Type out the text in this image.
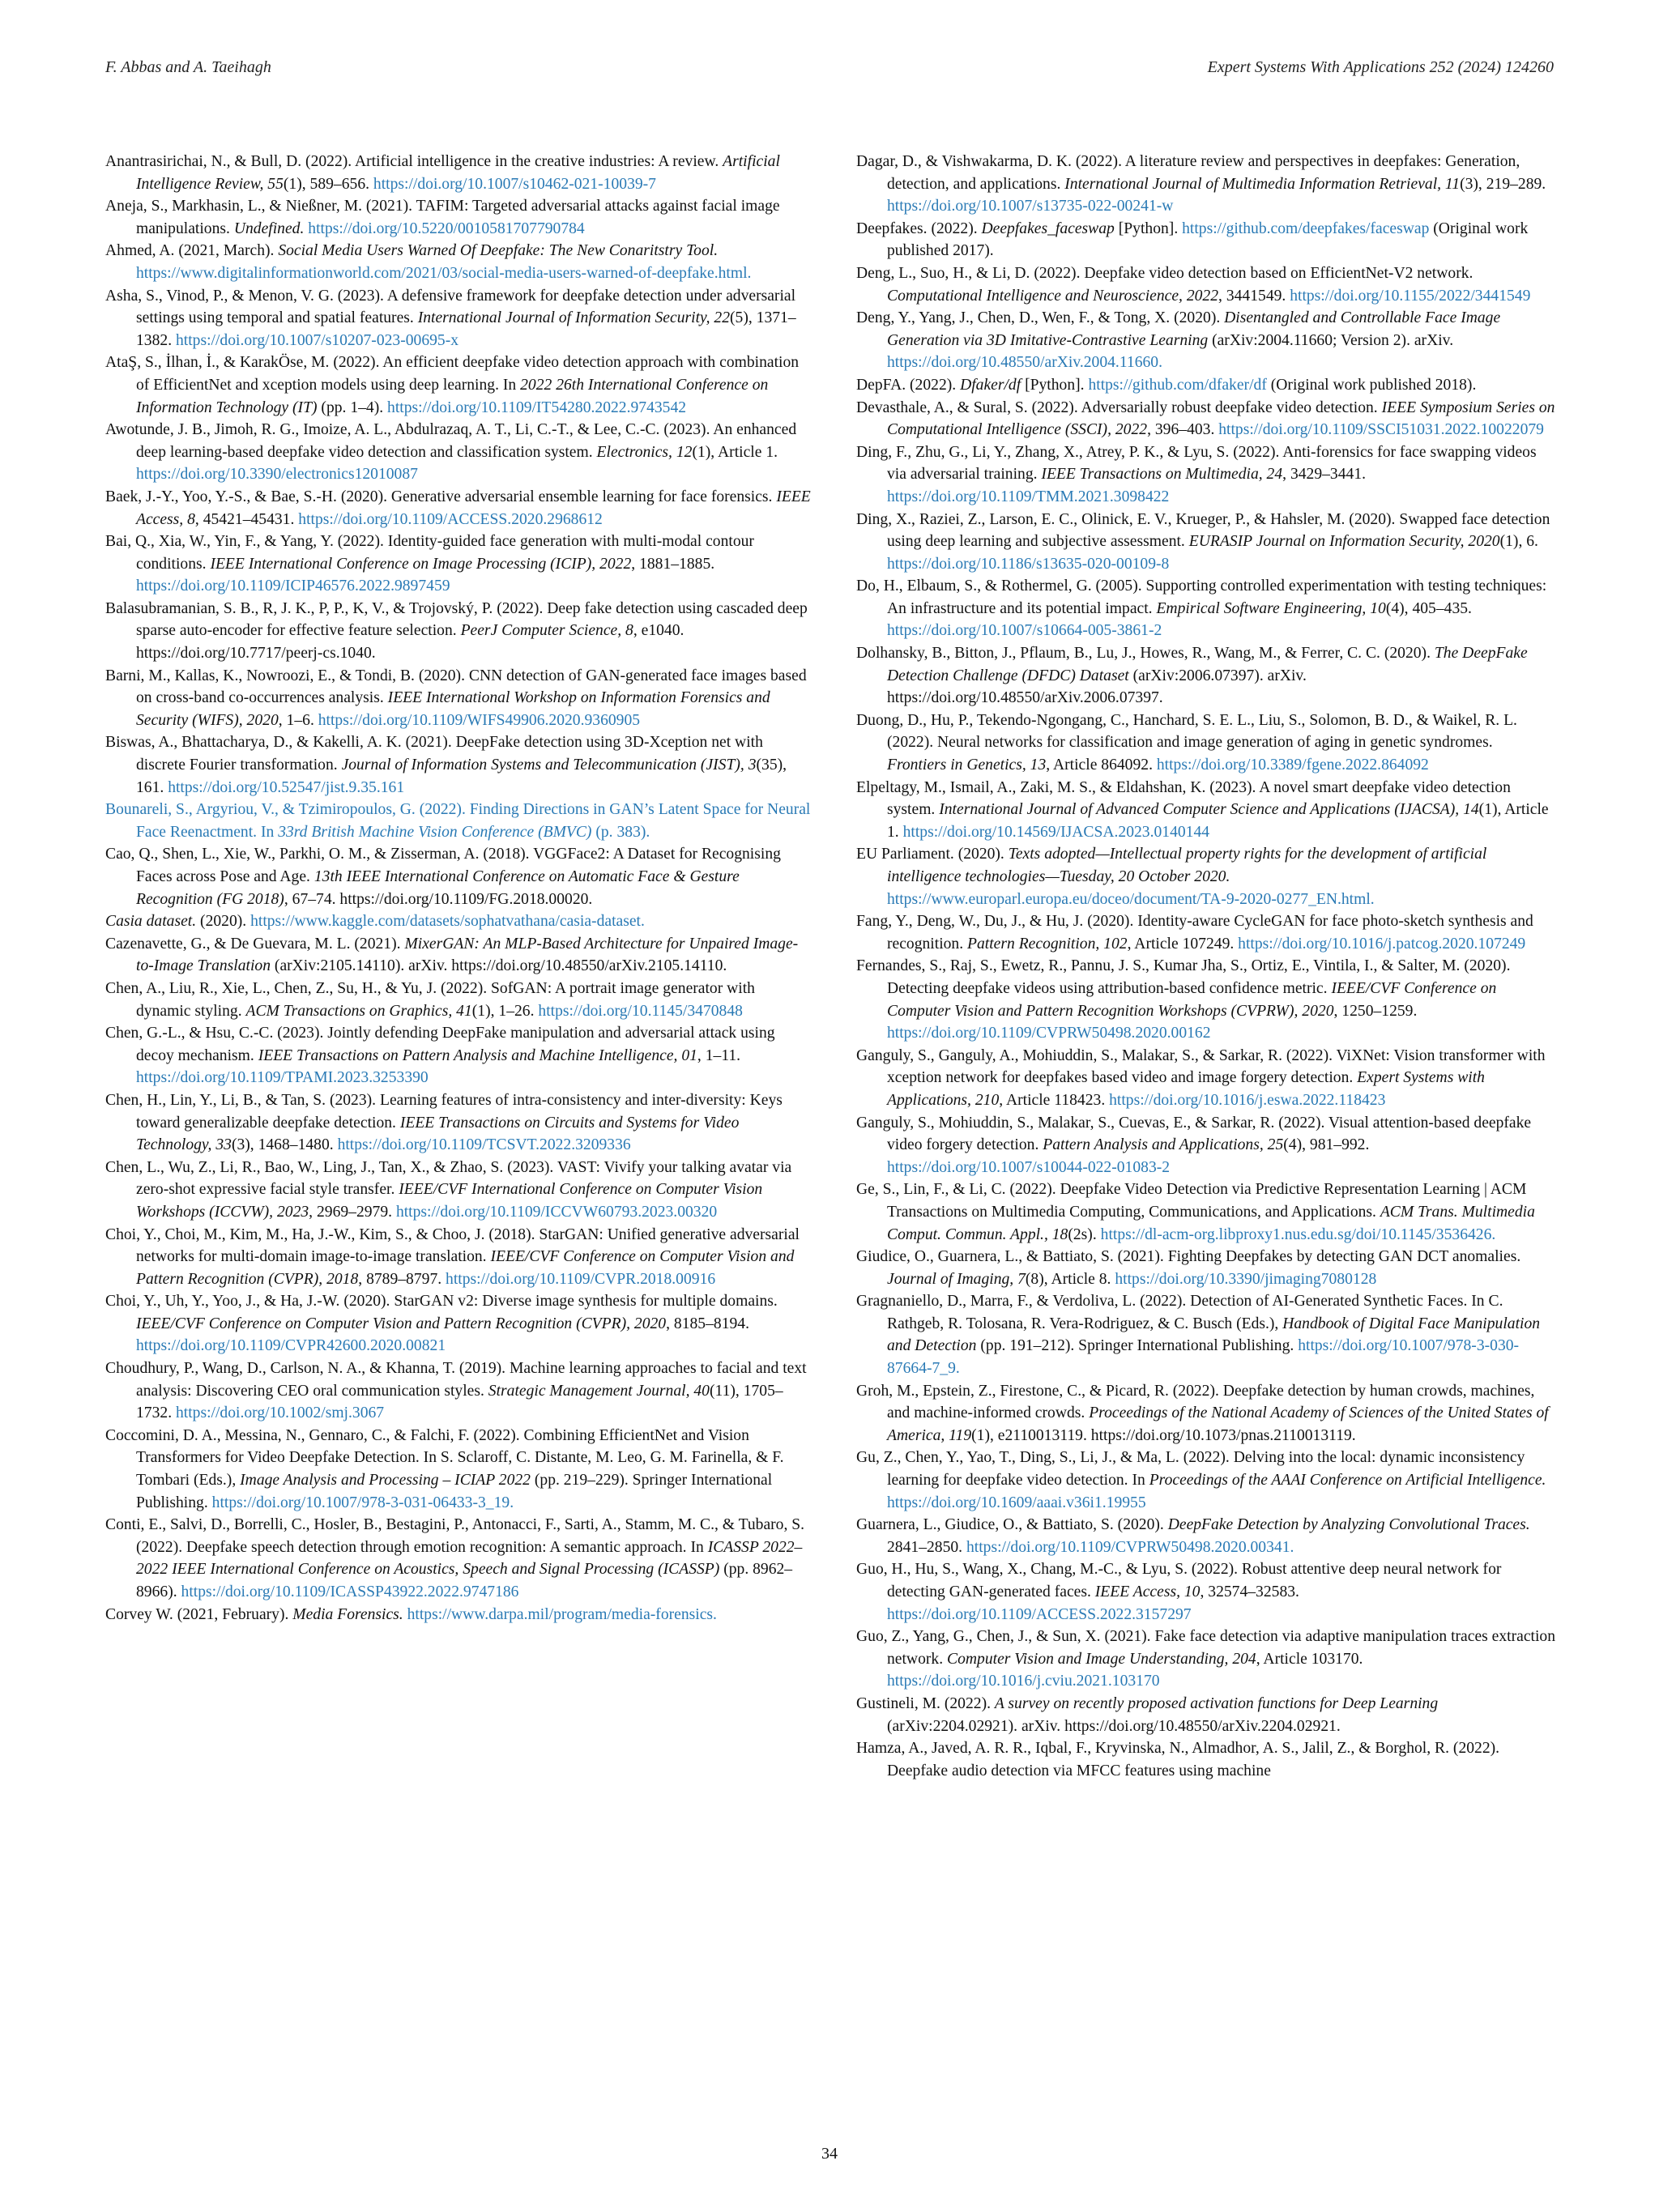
F. Abbas and A. Taeihagh	Expert Systems With Applications 252 (2024) 124260
Anantrasirichai, N., & Bull, D. (2022). Artificial intelligence in the creative industries: A review. Artificial Intelligence Review, 55(1), 589–656. https://doi.org/10.1007/s10462-021-10039-7
Aneja, S., Markhasin, L., & Nießner, M. (2021). TAFIM: Targeted adversarial attacks against facial image manipulations. Undefined. https://doi.org/10.5220/0010581707790784
Ahmed, A. (2021, March). Social Media Users Warned Of Deepfake: The New Conaritstry Tool. https://www.digitalinformationworld.com/2021/03/social-media-users-warned-of-deepfake.html.
Asha, S., Vinod, P., & Menon, V. G. (2023). A defensive framework for deepfake detection under adversarial settings using temporal and spatial features. International Journal of Information Security, 22(5), 1371–1382. https://doi.org/10.1007/s10207-023-00695-x
AtaŞ, S., İlhan, İ., & KarakÖse, M. (2022). An efficient deepfake video detection approach with combination of EfficientNet and xception models using deep learning. In 2022 26th International Conference on Information Technology (IT) (pp. 1–4). https://doi.org/10.1109/IT54280.2022.9743542
Awotunde, J. B., Jimoh, R. G., Imoize, A. L., Abdulrazaq, A. T., Li, C.-T., & Lee, C.-C. (2023). An enhanced deep learning-based deepfake video detection and classification system. Electronics, 12(1), Article 1. https://doi.org/10.3390/electronics12010087
Baek, J.-Y., Yoo, Y.-S., & Bae, S.-H. (2020). Generative adversarial ensemble learning for face forensics. IEEE Access, 8, 45421–45431. https://doi.org/10.1109/ACCESS.2020.2968612
Bai, Q., Xia, W., Yin, F., & Yang, Y. (2022). Identity-guided face generation with multi-modal contour conditions. IEEE International Conference on Image Processing (ICIP), 2022, 1881–1885. https://doi.org/10.1109/ICIP46576.2022.9897459
Balasubramanian, S. B., R, J. K., P, P., K, V., & Trojovský, P. (2022). Deep fake detection using cascaded deep sparse auto-encoder for effective feature selection. PeerJ Computer Science, 8, e1040. https://doi.org/10.7717/peerj-cs.1040.
Barni, M., Kallas, K., Nowroozi, E., & Tondi, B. (2020). CNN detection of GAN-generated face images based on cross-band co-occurrences analysis. IEEE International Workshop on Information Forensics and Security (WIFS), 2020, 1–6. https://doi.org/10.1109/WIFS49906.2020.9360905
Biswas, A., Bhattacharya, D., & Kakelli, A. K. (2021). DeepFake detection using 3D-Xception net with discrete Fourier transformation. Journal of Information Systems and Telecommunication (JIST), 3(35), 161. https://doi.org/10.52547/jist.9.35.161
Bounareli, S., Argyriou, V., & Tzimiropoulos, G. (2022). Finding Directions in GAN’s Latent Space for Neural Face Reenactment. In 33rd British Machine Vision Conference (BMVC) (p. 383).
Cao, Q., Shen, L., Xie, W., Parkhi, O. M., & Zisserman, A. (2018). VGGFace2: A Dataset for Recognising Faces across Pose and Age. 13th IEEE International Conference on Automatic Face & Gesture Recognition (FG 2018), 67–74. https://doi.org/10.1109/FG.2018.00020.
Casia dataset. (2020). https://www.kaggle.com/datasets/sophatvathana/casia-dataset.
Cazenavette, G., & De Guevara, M. L. (2021). MixerGAN: An MLP-Based Architecture for Unpaired Image-to-Image Translation (arXiv:2105.14110). arXiv. https://doi.org/10.48550/arXiv.2105.14110.
Chen, A., Liu, R., Xie, L., Chen, Z., Su, H., & Yu, J. (2022). SofGAN: A portrait image generator with dynamic styling. ACM Transactions on Graphics, 41(1), 1–26. https://doi.org/10.1145/3470848
Chen, G.-L., & Hsu, C.-C. (2023). Jointly defending DeepFake manipulation and adversarial attack using decoy mechanism. IEEE Transactions on Pattern Analysis and Machine Intelligence, 01, 1–11. https://doi.org/10.1109/TPAMI.2023.3253390
Chen, H., Lin, Y., Li, B., & Tan, S. (2023). Learning features of intra-consistency and inter-diversity: Keys toward generalizable deepfake detection. IEEE Transactions on Circuits and Systems for Video Technology, 33(3), 1468–1480. https://doi.org/10.1109/TCSVT.2022.3209336
Chen, L., Wu, Z., Li, R., Bao, W., Ling, J., Tan, X., & Zhao, S. (2023). VAST: Vivify your talking avatar via zero-shot expressive facial style transfer. IEEE/CVF International Conference on Computer Vision Workshops (ICCVW), 2023, 2969–2979. https://doi.org/10.1109/ICCVW60793.2023.00320
Choi, Y., Choi, M., Kim, M., Ha, J.-W., Kim, S., & Choo, J. (2018). StarGAN: Unified generative adversarial networks for multi-domain image-to-image translation. IEEE/CVF Conference on Computer Vision and Pattern Recognition (CVPR), 2018, 8789–8797. https://doi.org/10.1109/CVPR.2018.00916
Choi, Y., Uh, Y., Yoo, J., & Ha, J.-W. (2020). StarGAN v2: Diverse image synthesis for multiple domains. IEEE/CVF Conference on Computer Vision and Pattern Recognition (CVPR), 2020, 8185–8194. https://doi.org/10.1109/CVPR42600.2020.00821
Choudhury, P., Wang, D., Carlson, N. A., & Khanna, T. (2019). Machine learning approaches to facial and text analysis: Discovering CEO oral communication styles. Strategic Management Journal, 40(11), 1705–1732. https://doi.org/10.1002/smj.3067
Coccomini, D. A., Messina, N., Gennaro, C., & Falchi, F. (2022). Combining EfficientNet and Vision Transformers for Video Deepfake Detection. In S. Sclaroff, C. Distante, M. Leo, G. M. Farinella, & F. Tombari (Eds.), Image Analysis and Processing – ICIAP 2022 (pp. 219–229). Springer International Publishing. https://doi.org/10.1007/978-3-031-06433-3_19.
Conti, E., Salvi, D., Borrelli, C., Hosler, B., Bestagini, P., Antonacci, F., Sarti, A., Stamm, M. C., & Tubaro, S. (2022). Deepfake speech detection through emotion recognition: A semantic approach. In ICASSP 2022–2022 IEEE International Conference on Acoustics, Speech and Signal Processing (ICASSP) (pp. 8962–8966). https://doi.org/10.1109/ICASSP43922.2022.9747186
Corvey W. (2021, February). Media Forensics. https://www.darpa.mil/program/media-forensics.
Dagar, D., & Vishwakarma, D. K. (2022). A literature review and perspectives in deepfakes: Generation, detection, and applications. International Journal of Multimedia Information Retrieval, 11(3), 219–289. https://doi.org/10.1007/s13735-022-00241-w
Deepfakes. (2022). Deepfakes_faceswap [Python]. https://github.com/deepfakes/faceswap (Original work published 2017).
Deng, L., Suo, H., & Li, D. (2022). Deepfake video detection based on EfficientNet-V2 network. Computational Intelligence and Neuroscience, 2022, 3441549. https://doi.org/10.1155/2022/3441549
Deng, Y., Yang, J., Chen, D., Wen, F., & Tong, X. (2020). Disentangled and Controllable Face Image Generation via 3D Imitative-Contrastive Learning (arXiv:2004.11660; Version 2). arXiv. https://doi.org/10.48550/arXiv.2004.11660.
DepFA. (2022). Dfaker/df [Python]. https://github.com/dfaker/df (Original work published 2018).
Devasthale, A., & Sural, S. (2022). Adversarially robust deepfake video detection. IEEE Symposium Series on Computational Intelligence (SSCI), 2022, 396–403. https://doi.org/10.1109/SSCI51031.2022.10022079
Ding, F., Zhu, G., Li, Y., Zhang, X., Atrey, P. K., & Lyu, S. (2022). Anti-forensics for face swapping videos via adversarial training. IEEE Transactions on Multimedia, 24, 3429–3441. https://doi.org/10.1109/TMM.2021.3098422
Ding, X., Raziei, Z., Larson, E. C., Olinick, E. V., Krueger, P., & Hahsler, M. (2020). Swapped face detection using deep learning and subjective assessment. EURASIP Journal on Information Security, 2020(1), 6. https://doi.org/10.1186/s13635-020-00109-8
Do, H., Elbaum, S., & Rothermel, G. (2005). Supporting controlled experimentation with testing techniques: An infrastructure and its potential impact. Empirical Software Engineering, 10(4), 405–435. https://doi.org/10.1007/s10664-005-3861-2
Dolhansky, B., Bitton, J., Pflaum, B., Lu, J., Howes, R., Wang, M., & Ferrer, C. C. (2020). The DeepFake Detection Challenge (DFDC) Dataset (arXiv:2006.07397). arXiv. https://doi.org/10.48550/arXiv.2006.07397.
Duong, D., Hu, P., Tekendo-Ngongang, C., Hanchard, S. E. L., Liu, S., Solomon, B. D., & Waikel, R. L. (2022). Neural networks for classification and image generation of aging in genetic syndromes. Frontiers in Genetics, 13, Article 864092. https://doi.org/10.3389/fgene.2022.864092
Elpeltagy, M., Ismail, A., Zaki, M. S., & Eldahshan, K. (2023). A novel smart deepfake video detection system. International Journal of Advanced Computer Science and Applications (IJACSA), 14(1), Article 1. https://doi.org/10.14569/IJACSA.2023.0140144
EU Parliament. (2020). Texts adopted—Intellectual property rights for the development of artificial intelligence technologies—Tuesday, 20 October 2020. https://www.europarl.europa.eu/doceo/document/TA-9-2020-0277_EN.html.
Fang, Y., Deng, W., Du, J., & Hu, J. (2020). Identity-aware CycleGAN for face photo-sketch synthesis and recognition. Pattern Recognition, 102, Article 107249. https://doi.org/10.1016/j.patcog.2020.107249
Fernandes, S., Raj, S., Ewetz, R., Pannu, J. S., Kumar Jha, S., Ortiz, E., Vintila, I., & Salter, M. (2020). Detecting deepfake videos using attribution-based confidence metric. IEEE/CVF Conference on Computer Vision and Pattern Recognition Workshops (CVPRW), 2020, 1250–1259. https://doi.org/10.1109/CVPRW50498.2020.00162
Ganguly, S., Ganguly, A., Mohiuddin, S., Malakar, S., & Sarkar, R. (2022). ViXNet: Vision transformer with xception network for deepfakes based video and image forgery detection. Expert Systems with Applications, 210, Article 118423. https://doi.org/10.1016/j.eswa.2022.118423
Ganguly, S., Mohiuddin, S., Malakar, S., Cuevas, E., & Sarkar, R. (2022). Visual attention-based deepfake video forgery detection. Pattern Analysis and Applications, 25(4), 981–992. https://doi.org/10.1007/s10044-022-01083-2
Ge, S., Lin, F., & Li, C. (2022). Deepfake Video Detection via Predictive Representation Learning | ACM Transactions on Multimedia Computing, Communications, and Applications. ACM Trans. Multimedia Comput. Commun. Appl., 18(2s). https://dl-acm-org.libproxy1.nus.edu.sg/doi/10.1145/3536426.
Giudice, O., Guarnera, L., & Battiato, S. (2021). Fighting Deepfakes by detecting GAN DCT anomalies. Journal of Imaging, 7(8), Article 8. https://doi.org/10.3390/jimaging7080128
Gragnaniello, D., Marra, F., & Verdoliva, L. (2022). Detection of AI-Generated Synthetic Faces. In C. Rathgeb, R. Tolosana, R. Vera-Rodriguez, & C. Busch (Eds.), Handbook of Digital Face Manipulation and Detection (pp. 191–212). Springer International Publishing. https://doi.org/10.1007/978-3-030-87664-7_9.
Groh, M., Epstein, Z., Firestone, C., & Picard, R. (2022). Deepfake detection by human crowds, machines, and machine-informed crowds. Proceedings of the National Academy of Sciences of the United States of America, 119(1), e2110013119. https://doi.org/10.1073/pnas.2110013119.
Gu, Z., Chen, Y., Yao, T., Ding, S., Li, J., & Ma, L. (2022). Delving into the local: dynamic inconsistency learning for deepfake video detection. In Proceedings of the AAAI Conference on Artificial Intelligence. https://doi.org/10.1609/aaai.v36i1.19955
Guarnera, L., Giudice, O., & Battiato, S. (2020). DeepFake Detection by Analyzing Convolutional Traces. 2841–2850. https://doi.org/10.1109/CVPRW50498.2020.00341.
Guo, H., Hu, S., Wang, X., Chang, M.-C., & Lyu, S. (2022). Robust attentive deep neural network for detecting GAN-generated faces. IEEE Access, 10, 32574–32583. https://doi.org/10.1109/ACCESS.2022.3157297
Guo, Z., Yang, G., Chen, J., & Sun, X. (2021). Fake face detection via adaptive manipulation traces extraction network. Computer Vision and Image Understanding, 204, Article 103170. https://doi.org/10.1016/j.cviu.2021.103170
Gustineli, M. (2022). A survey on recently proposed activation functions for Deep Learning (arXiv:2204.02921). arXiv. https://doi.org/10.48550/arXiv.2204.02921.
Hamza, A., Javed, A. R. R., Iqbal, F., Kryvinska, N., Almadhor, A. S., Jalil, Z., & Borghol, R. (2022). Deepfake audio detection via MFCC features using machine
34
